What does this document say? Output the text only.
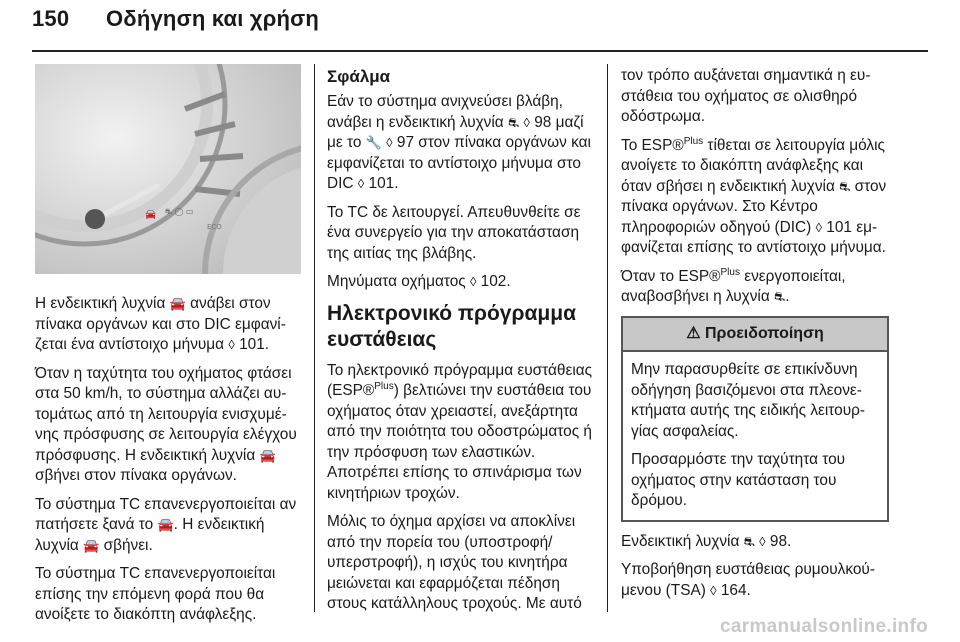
150 Οδήγηση και χρήση
🚘 ⛐ ◯ ▭
ECO

Η ενδεικτική λυχνία 🚘 ανάβει στον πίνακα οργάνων και στο DIC εμφανίζεται ένα αντίστοιχο μήνυμα ◊ 101.

Όταν η ταχύτητα του οχήματος φτάσει στα 50 km/h, το σύστημα αλλάζει αυτομάτως από τη λειτουργία ενισχυμένης πρόσφυσης σε λειτουργία ελέγχου πρόσφυσης. Η ενδεικτική λυχνία 🚘 σβήνει στον πίνακα οργάνων.

Το σύστημα TC επανενεργοποιείται αν πατήσετε ξανά το 🚘. Η ενδεικτική λυχνία 🚘 σβήνει.

Το σύστημα TC επανενεργοποιείται επίσης την επόμενη φορά που θα ανοίξετε το διακόπτη ανάφλεξης.

Σφάλμα

Εάν το σύστημα ανιχνεύσει βλάβη, ανάβει η ενδεικτική λυχνία ⛐ ◊ 98 μαζί με το 🔧 ◊ 97 στον πίνακα οργάνων και εμφανίζεται το αντίστοιχο μήνυμα στο DIC ◊ 101.

Το TC δε λειτουργεί. Απευθυνθείτε σε ένα συνεργείο για την αποκατάσταση της αιτίας της βλάβης.

Μηνύματα οχήματος ◊ 102.

Ηλεκτρονικό πρόγραμμα ευστάθειας

Το ηλεκτρονικό πρόγραμμα ευστάθειας (ESP®$^{Plus}$) βελτιώνει την ευστάθεια του οχήματος όταν χρειαστεί, ανεξάρτητα από την ποιότητα του οδοστρώματος ή την πρόσφυση των ελαστικών. Αποτρέπει επίσης το σπινάρισμα των κινητήριων τροχών.

Μόλις το όχημα αρχίσει να αποκλίνει από την πορεία του (υποστροφή/ υπερστροφή), η ισχύς του κινητήρα μειώνεται και εφαρμόζεται πέδηση στους κατάλληλους τροχούς. Με αυτό

τον τρόπο αυξάνεται σημαντικά η ευστάθεια του οχήματος σε ολισθηρό οδόστρωμα.

Το ESP®$^{Plus}$ τίθεται σε λειτουργία μόλις ανοίγετε το διακόπτη ανάφλεξης και όταν σβήσει η ενδεικτική λυχνία ⛐ στον πίνακα οργάνων. Στο Κέντρο πληροφοριών οδηγού (DIC) ◊ 101 εμφανίζεται επίσης το αντίστοιχο μήνυμα.

Όταν το ESP®$^{Plus}$ ενεργοποιείται, αναβοσβήνει η λυχνία ⛐.

⚠ Προειδοποίηση

Μην παρασυρθείτε σε επικίνδυνη οδήγηση βασιζόμενοι στα πλεονεκτήματα αυτής της ειδικής λειτουργίας ασφαλείας.

Προσαρμόστε την ταχύτητα του οχήματος στην κατάσταση του δρόμου.

Ενδεικτική λυχνία ⛐ ◊ 98.

Υποβοήθηση ευστάθειας ρυμουλκούμενου (TSA) ◊ 164.

carmanualsonline.info
